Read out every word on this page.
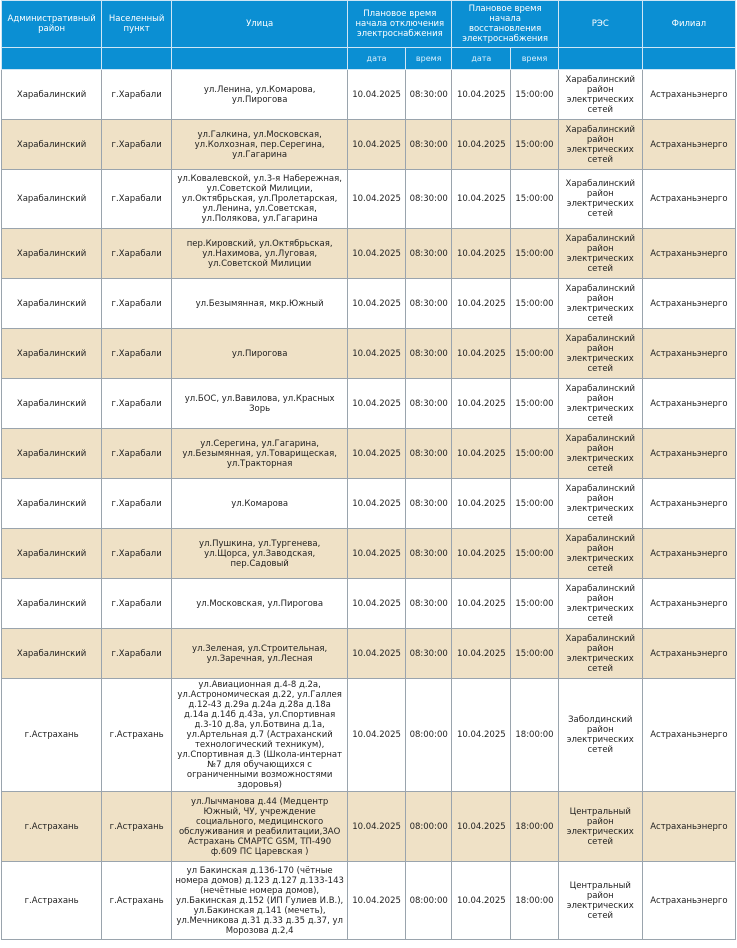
Административный район	Населенный пункт	Улица	Плановое время начала отключения электроснабжения		Плановое время начала восстановления электроснабжения		РЭС	Филиал
			дата	время	дата	время		
Харабалинский	г.Харабали	ул.Ленина, ул.Комарова, ул.Пирогова	10.04.2025	08:30:00	10.04.2025	15:00:00	Харабалинский район электрических сетей	Астраханьэнерго
Харабалинский	г.Харабали	ул.Галкина, ул.Московская, ул.Колхозная, пер.Серегина, ул.Гагарина	10.04.2025	08:30:00	10.04.2025	15:00:00	Харабалинский район электрических сетей	Астраханьэнерго
Харабалинский	г.Харабали	ул.Ковалевской, ул.3-я Набережная, ул.Советской Милиции, ул.Октябрьская, ул.Пролетарская, ул.Ленина, ул.Советская, ул.Полякова, ул.Гагарина	10.04.2025	08:30:00	10.04.2025	15:00:00	Харабалинский район электрических сетей	Астраханьэнерго
Харабалинский	г.Харабали	пер.Кировский, ул.Октябрьская, ул.Нахимова, ул.Луговая, ул.Советской Милиции	10.04.2025	08:30:00	10.04.2025	15:00:00	Харабалинский район электрических сетей	Астраханьэнерго
Харабалинский	г.Харабали	ул.Безымянная, мкр.Южный	10.04.2025	08:30:00	10.04.2025	15:00:00	Харабалинский район электрических сетей	Астраханьэнерго
Харабалинский	г.Харабали	ул.Пирогова	10.04.2025	08:30:00	10.04.2025	15:00:00	Харабалинский район электрических сетей	Астраханьэнерго
Харабалинский	г.Харабали	ул.БОС, ул.Вавилова, ул.Красных Зорь	10.04.2025	08:30:00	10.04.2025	15:00:00	Харабалинский район электрических сетей	Астраханьэнерго
Харабалинский	г.Харабали	ул.Серегина, ул.Гагарина, ул.Безымянная, ул.Товарищеская, ул.Тракторная	10.04.2025	08:30:00	10.04.2025	15:00:00	Харабалинский район электрических сетей	Астраханьэнерго
Харабалинский	г.Харабали	ул.Комарова	10.04.2025	08:30:00	10.04.2025	15:00:00	Харабалинский район электрических сетей	Астраханьэнерго
Харабалинский	г.Харабали	ул.Пушкина, ул.Тургенева, ул.Щорса, ул.Заводская, пер.Садовый	10.04.2025	08:30:00	10.04.2025	15:00:00	Харабалинский район электрических сетей	Астраханьэнерго
Харабалинский	г.Харабали	ул.Московская, ул.Пирогова	10.04.2025	08:30:00	10.04.2025	15:00:00	Харабалинский район электрических сетей	Астраханьэнерго
Харабалинский	г.Харабали	ул.Зеленая, ул.Строительная, ул.Заречная, ул.Лесная	10.04.2025	08:30:00	10.04.2025	15:00:00	Харабалинский район электрических сетей	Астраханьэнерго
г.Астрахань	г.Астрахань	ул.Авиационная д.4-8 д.2а, ул.Астрономическая д.22, ул.Галлея д.12-43 д.29а д.24а д.28а д.18а д.14а д.14б д.43а, ул.Спортивная д.3-10 д.8а, ул.Ботвина д.1а, ул.Артельная д.7 (Астраханский технологический техникум), ул.Спортивная д.3 (Школа-интернат №7 для обучающихся с ограниченными возможностями здоровья)	10.04.2025	08:00:00	10.04.2025	18:00:00	Заболдинский район электрических сетей	Астраханьэнерго
г.Астрахань	г.Астрахань	ул.Лычманова д.44 (Медцентр Южный, ЧУ, учреждение социального, медицинского обслуживания и реабилитации,ЗАО Астрахань СМАРТС GSM, ТП-490 ф.609 ПС Царевская )	10.04.2025	08:00:00	10.04.2025	18:00:00	Центральный район электрических сетей	Астраханьэнерго
г.Астрахань	г.Астрахань	ул Бакинская д.136-170 (чётные номера домов) д.123 д.127 д.133-143 (нечётные номера домов), ул.Бакинская д.152 (ИП Гулиев И.В.), ул.Бакинская д.141 (мечеть), ул.Мечникова д.31 д.33 д.35 д.37, ул Морозова д.2,4	10.04.2025	08:00:00	10.04.2025	18:00:00	Центральный район электрических сетей	Астраханьэнерго
